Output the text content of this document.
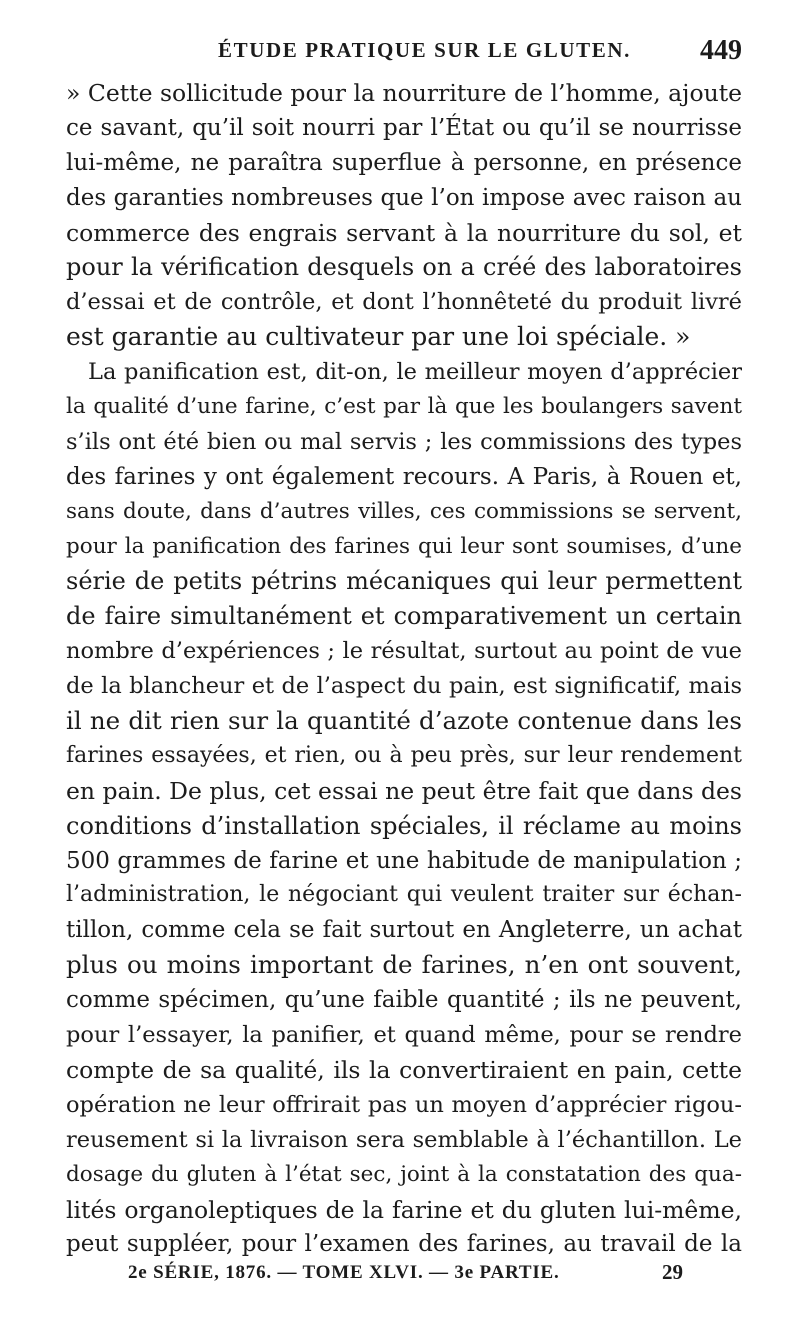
ÉTUDE PRATIQUE SUR LE GLUTEN. 449
» Cette sollicitude pour la nourriture de l’homme, ajoute
ce savant, qu’il soit nourri par l’État ou qu’il se nourrisse
lui-même, ne paraîtra superflue à personne, en présence
des garanties nombreuses que l’on impose avec raison au
commerce des engrais servant à la nourriture du sol, et
pour la vérification desquels on a créé des laboratoires
d’essai et de contrôle, et dont l’honnêteté du produit livré
est garantie au cultivateur par une loi spéciale. »
La panification est, dit-on, le meilleur moyen d’apprécier
la qualité d’une farine, c’est par là que les boulangers savent
s’ils ont été bien ou mal servis ; les commissions des types
des farines y ont également recours. A Paris, à Rouen et,
sans doute, dans d’autres villes, ces commissions se servent,
pour la panification des farines qui leur sont soumises, d’une
série de petits pétrins mécaniques qui leur permettent
de faire simultanément et comparativement un certain
nombre d’expériences ; le résultat, surtout au point de vue
de la blancheur et de l’aspect du pain, est significatif, mais
il ne dit rien sur la quantité d’azote contenue dans les
farines essayées, et rien, ou à peu près, sur leur rendement
en pain. De plus, cet essai ne peut être fait que dans des
conditions d’installation spéciales, il réclame au moins
500 grammes de farine et une habitude de manipulation ;
l’administration, le négociant qui veulent traiter sur échan-
tillon, comme cela se fait surtout en Angleterre, un achat
plus ou moins important de farines, n’en ont souvent,
comme spécimen, qu’une faible quantité ; ils ne peuvent,
pour l’essayer, la panifier, et quand même, pour se rendre
compte de sa qualité, ils la convertiraient en pain, cette
opération ne leur offrirait pas un moyen d’apprécier rigou-
reusement si la livraison sera semblable à l’échantillon. Le
dosage du gluten à l’état sec, joint à la constatation des qua-
lités organoleptiques de la farine et du gluten lui-même,
peut suppléer, pour l’examen des farines, au travail de la
2e SÉRIE, 1876. — TOME XLVI. — 3e PARTIE.	29
